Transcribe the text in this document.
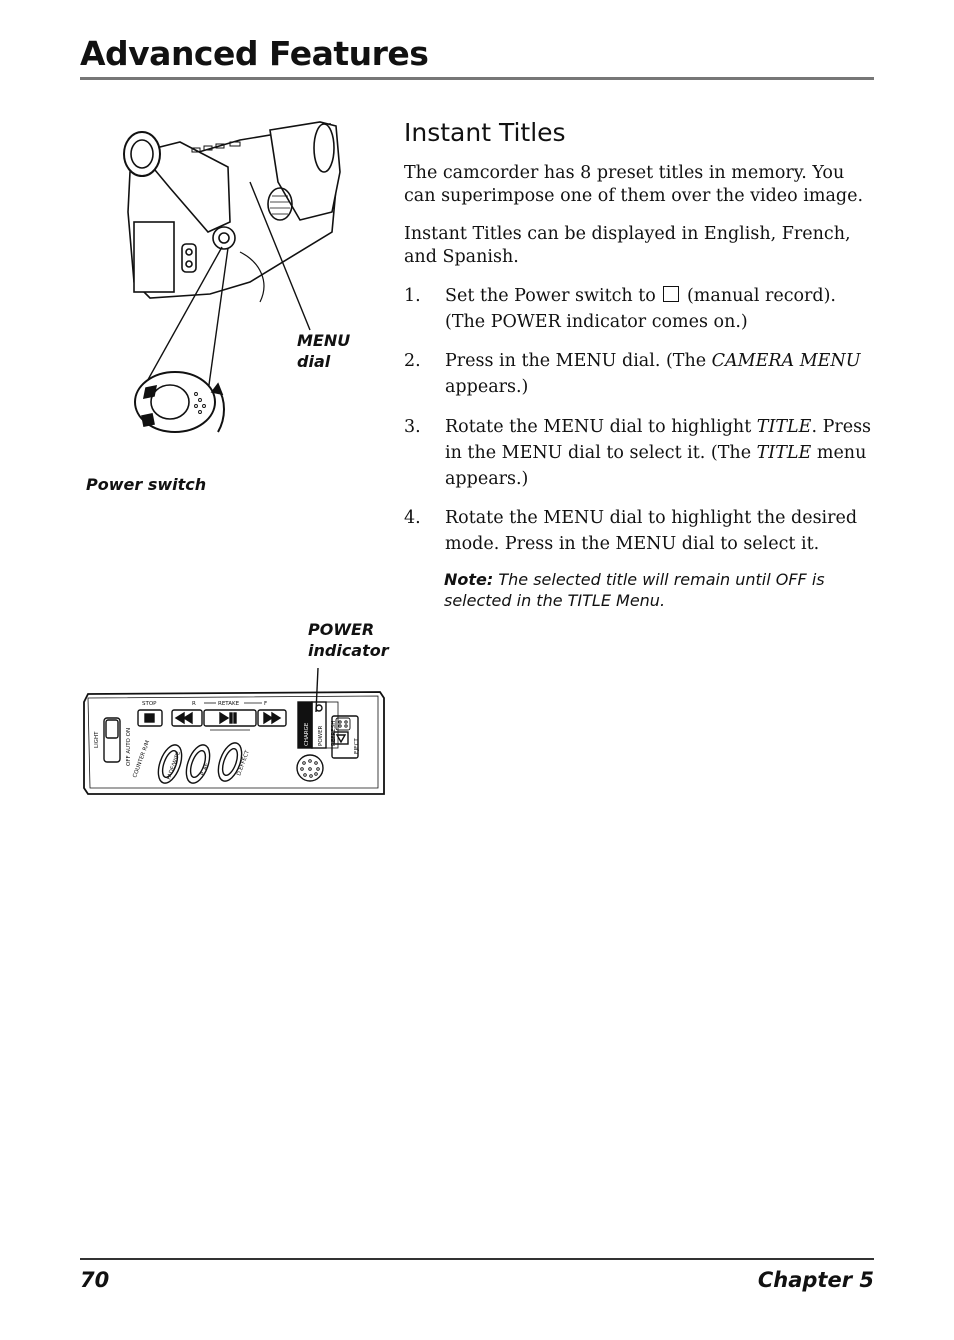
Advanced Features
MENU
dial
Power switch
Instant Titles
The camcorder has 8 preset titles in memory. You can superimpose one of them over the video image.
Instant Titles can be displayed in English, French, and Spanish.
1.	Set the Power switch to (manual record). (The POWER indicator comes on.)
2.	Press in the MENU dial. (The CAMERA MENU appears.)
3.	Rotate the MENU dial to highlight TITLE. Press in the MENU dial to select it. (The TITLE menu appears.)
4.	Rotate the MENU dial to highlight the desired mode. Press in the MENU dial to select it.
Note: The selected title will remain until OFF is selected in the TITLE Menu.
POWER
indicator
STOP	R	RETAKE	F
LIGHT	OFF AUTO ON COUNTER R/M	FADE/WIPE	P. AE	D.EFFECT
CHARGE POWER REFRESH
EJECT
70	Chapter 5
